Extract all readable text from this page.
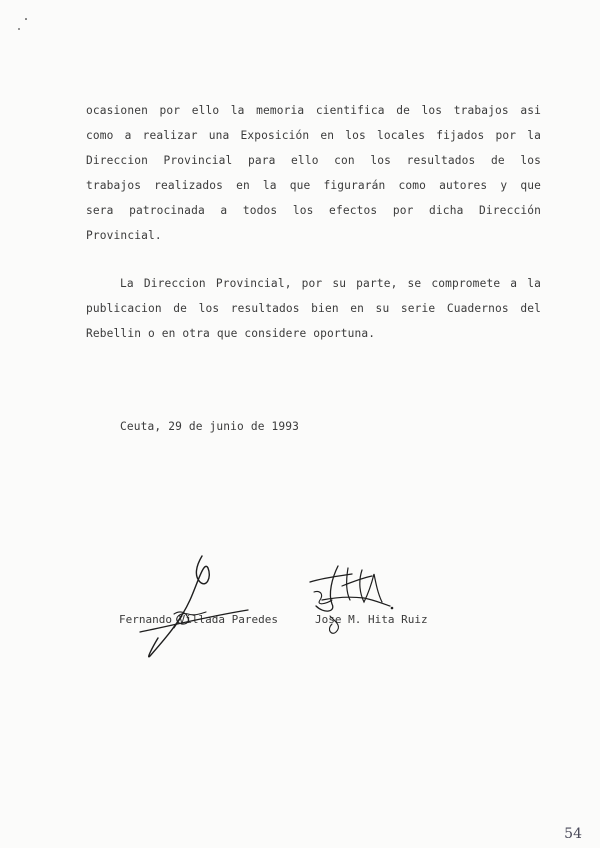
ocasionen por ello la memoria cientifica de los trabajos asi
como a realizar una Exposición en los locales fijados por la
Direccion Provincial para ello con los resultados de los
trabajos realizados en la que figurarán como autores y que
sera patrocinada a todos los efectos por dicha Dirección
Provincial.
La Direccion Provincial, por su parte, se compromete a la
publicacion de los resultados bien en su serie Cuadernos del
Rebellin o en otra que considere oportuna.
Ceuta, 29 de junio de 1993
Fernando Villada Paredes	Jose M. Hita Ruiz
54
